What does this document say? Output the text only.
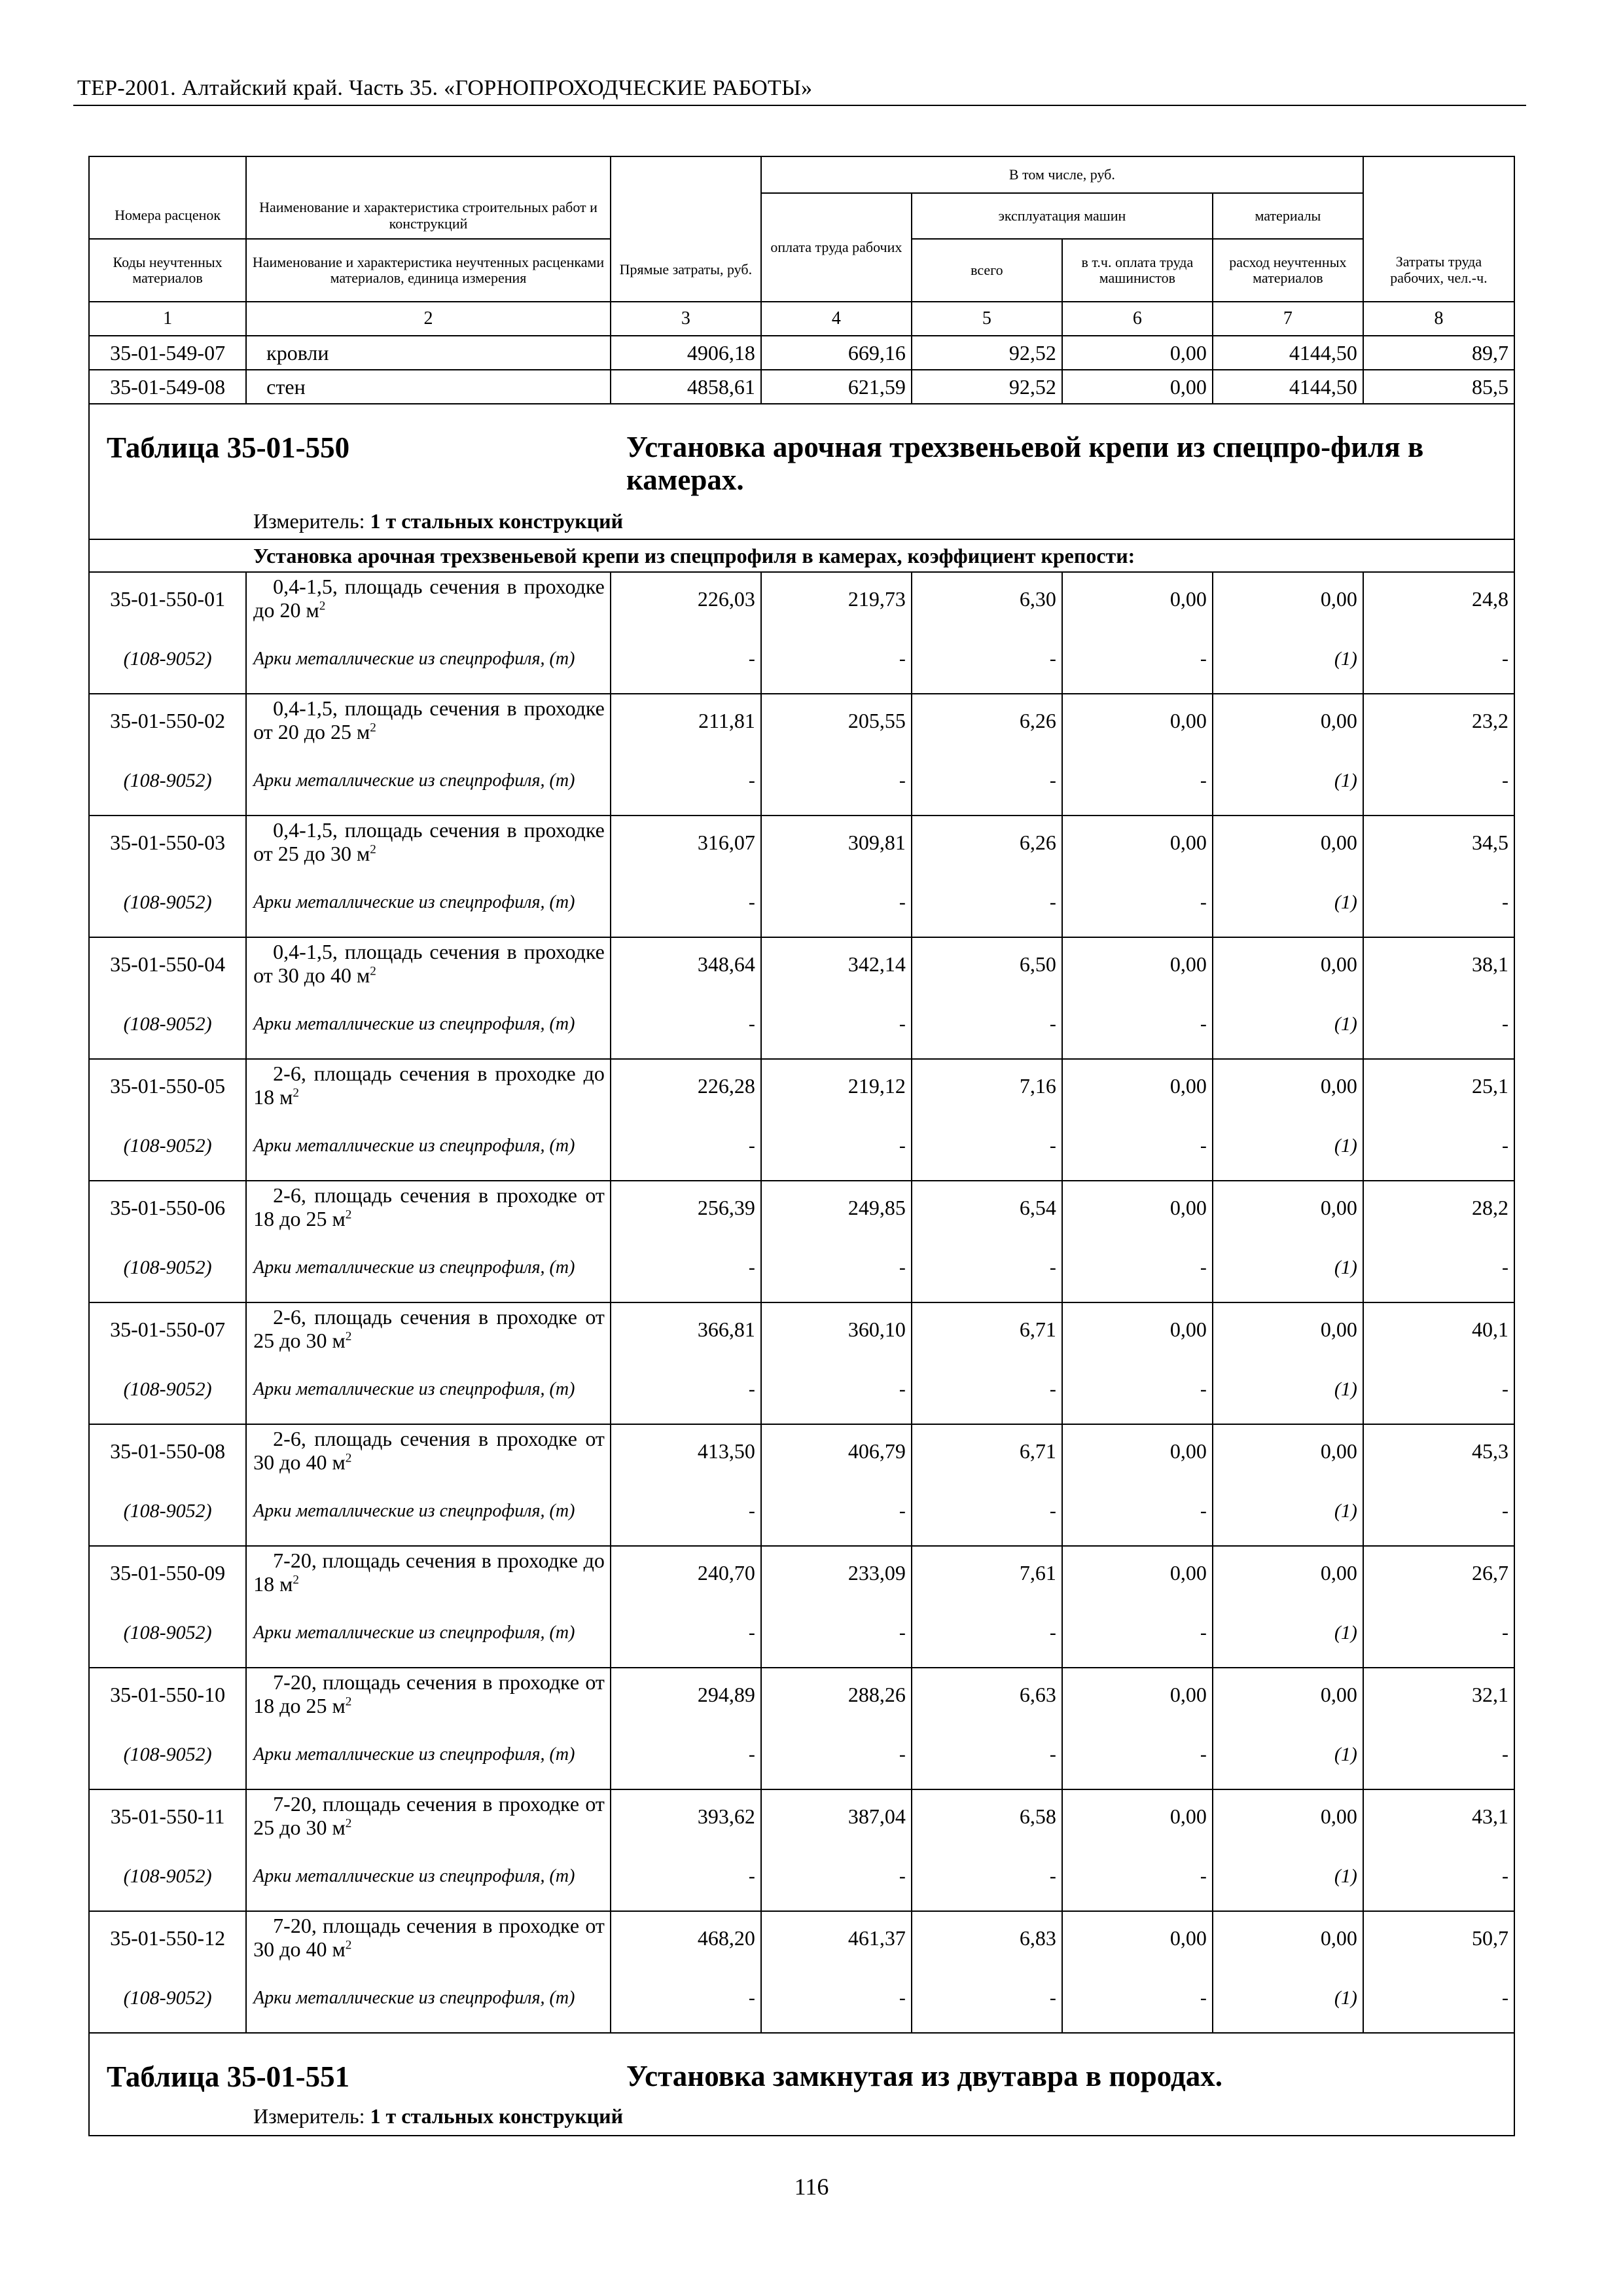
ТЕР-2001. Алтайский край. Часть 35. «ГОРНОПРОХОДЧЕСКИЕ РАБОТЫ»
			В том числе, руб.				
Номера расценок	Наименование и характеристика строительных работ и конструкций		оплата труда рабочих	эксплуатация машин		материалы	
Коды неучтенных материалов	Наименование и характеристика неучтенных расценками материалов, единица измерения	Прямые затраты, руб.		всего	в т.ч. оплата труда машинистов	расход неучтенных материалов	Затраты труда рабочих, чел.-ч.
1	2	3	4	5	6	7	8
35-01-549-07	кровли	4906,18	669,16	92,52	0,00	4144,50	89,7
35-01-549-08	стен	4858,61	621,59	92,52	0,00	4144,50	85,5

Таблица 35-01-550 Установка арочная трехзвеньевой крепи из спецпро-филя в камерах.
Измеритель: 1 т стальных конструкций							

Установка арочная трехзвеньевой крепи из спецпрофиля в камерах, коэффициент крепости:							
35-01-550-01	0,4-1,5, площадь сечения в проходке до 20 $м^2$	226,03	219,73	6,30	0,00	0,00	24,8
(108-9052)	Арки металлические из спецпрофиля, (т)	-	-	-	-	(1)	-
35-01-550-02	0,4-1,5, площадь сечения в проходке от 20 до 25 $м^2$	211,81	205,55	6,26	0,00	0,00	23,2
(108-9052)	Арки металлические из спецпрофиля, (т)	-	-	-	-	(1)	-
35-01-550-03	0,4-1,5, площадь сечения в проходке от 25 до 30 $м^2$	316,07	309,81	6,26	0,00	0,00	34,5
(108-9052)	Арки металлические из спецпрофиля, (т)	-	-	-	-	(1)	-
35-01-550-04	0,4-1,5, площадь сечения в проходке от 30 до 40 $м^2$	348,64	342,14	6,50	0,00	0,00	38,1
(108-9052)	Арки металлические из спецпрофиля, (т)	-	-	-	-	(1)	-
35-01-550-05	2-6, площадь сечения в проходке до 18 $м^2$	226,28	219,12	7,16	0,00	0,00	25,1
(108-9052)	Арки металлические из спецпрофиля, (т)	-	-	-	-	(1)	-
35-01-550-06	2-6, площадь сечения в проходке от 18 до 25 $м^2$	256,39	249,85	6,54	0,00	0,00	28,2
(108-9052)	Арки металлические из спецпрофиля, (т)	-	-	-	-	(1)	-
35-01-550-07	2-6, площадь сечения в проходке от 25 до 30 $м^2$	366,81	360,10	6,71	0,00	0,00	40,1
(108-9052)	Арки металлические из спецпрофиля, (т)	-	-	-	-	(1)	-
35-01-550-08	2-6, площадь сечения в проходке от 30 до 40 $м^2$	413,50	406,79	6,71	0,00	0,00	45,3
(108-9052)	Арки металлические из спецпрофиля, (т)	-	-	-	-	(1)	-
35-01-550-09	7-20, площадь сечения в проходке до 18 $м^2$	240,70	233,09	7,61	0,00	0,00	26,7
(108-9052)	Арки металлические из спецпрофиля, (т)	-	-	-	-	(1)	-
35-01-550-10	7-20, площадь сечения в проходке от 18 до 25 $м^2$	294,89	288,26	6,63	0,00	0,00	32,1
(108-9052)	Арки металлические из спецпрофиля, (т)	-	-	-	-	(1)	-
35-01-550-11	7-20, площадь сечения в проходке от 25 до 30 $м^2$	393,62	387,04	6,58	0,00	0,00	43,1
(108-9052)	Арки металлические из спецпрофиля, (т)	-	-	-	-	(1)	-
35-01-550-12	7-20, площадь сечения в проходке от 30 до 40 $м^2$	468,20	461,37	6,83	0,00	0,00	50,7
(108-9052)	Арки металлические из спецпрофиля, (т)	-	-	-	-	(1)	-

Таблица 35-01-551 Установка замкнутая из двутавра в породах.
Измеритель: 1 т стальных конструкций							
116
